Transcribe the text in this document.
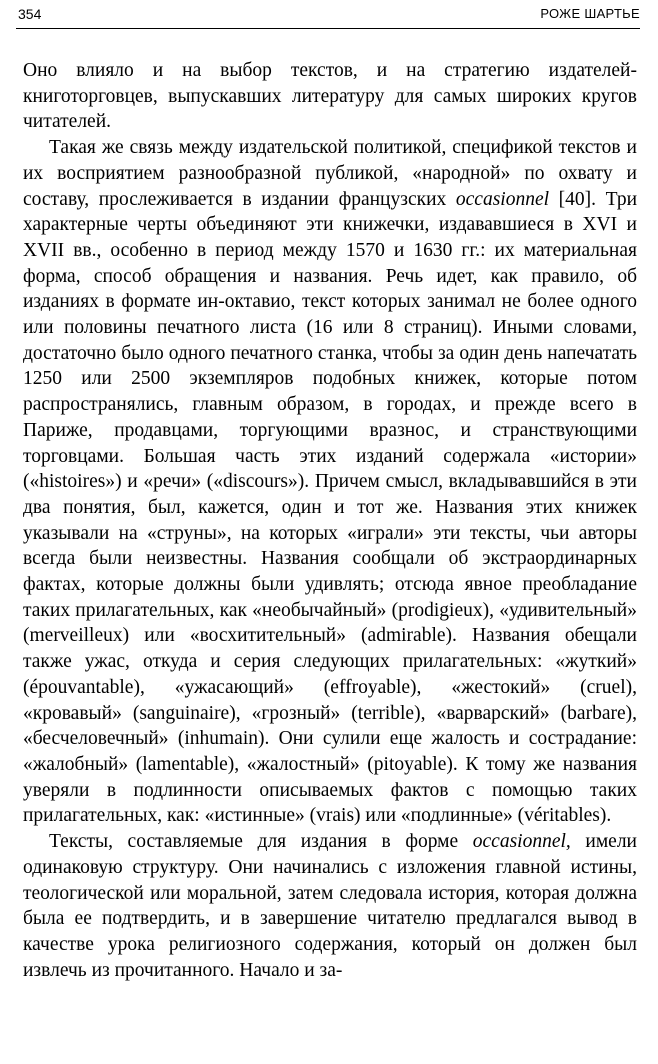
354	РОЖЕ ШАРТЬЕ

Оно влияло и на выбор текстов, и на стратегию издателей-книготорговцев, выпускавших литературу для самых широких кругов читателей.

Такая же связь между издательской политикой, спецификой текстов и их восприятием разнообразной публикой, «народной» по охвату и составу, прослеживается в издании французских occasionnel [40]. Три характерные черты объединяют эти книжечки, издававшиеся в XVI и XVII вв., особенно в период между 1570 и 1630 гг.: их материальная форма, способ обращения и названия. Речь идет, как правило, об изданиях в формате ин-октавио, текст которых занимал не более одного или половины печатного листа (16 или 8 страниц). Иными словами, достаточно было одного печатного станка, чтобы за один день напечатать 1250 или 2500 экземпляров подобных книжек, которые потом распространялись, главным образом, в городах, и прежде всего в Париже, продавцами, торгующими вразнос, и странствующими торговцами. Большая часть этих изданий содержала «истории» («histoires») и «речи» («discours»). Причем смысл, вкладывавшийся в эти два понятия, был, кажется, один и тот же. Названия этих книжек указывали на «струны», на которых «играли» эти тексты, чьи авторы всегда были неизвестны. Названия сообщали об экстраординарных фактах, которые должны были удивлять; отсюда явное преобладание таких прилагательных, как «необычайный» (prodigieux), «удивительный» (merveilleux) или «восхитительный» (admirable). Названия обещали также ужас, откуда и серия следующих прилагательных: «жуткий» (épouvantable), «ужасающий» (effroyable), «жестокий» (cruel), «кровавый» (sanguinaire), «грозный» (terrible), «варварский» (barbare), «бесчеловечный» (inhumain). Они сулили еще жалость и сострадание: «жалобный» (lamentable), «жалостный» (pitoyable). К тому же названия уверяли в подлинности описываемых фактов с помощью таких прилагательных, как: «истинные» (vrais) или «подлинные» (véritables).

Тексты, составляемые для издания в форме occasionnel, имели одинаковую структуру. Они начинались с изложения главной истины, теологической или моральной, затем следовала история, которая должна была ее подтвердить, и в завершение читателю предлагался вывод в качестве урока религиозного содержания, который он должен был извлечь из прочитанного. Начало и за-
